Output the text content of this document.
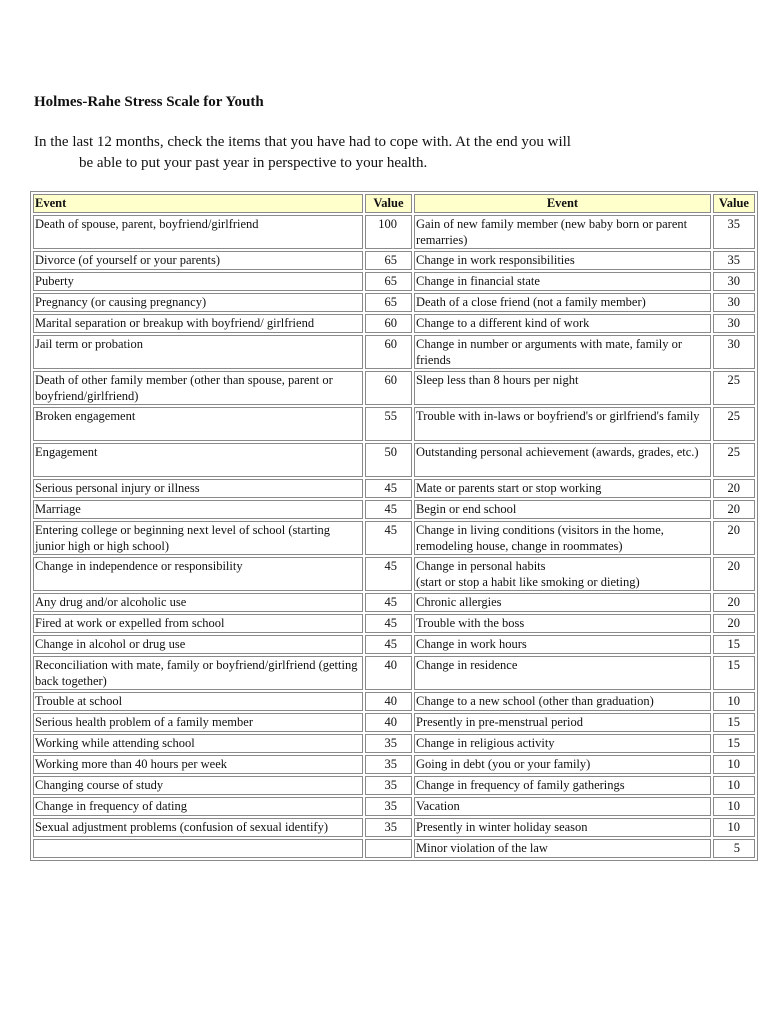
Holmes-Rahe Stress Scale for Youth

In the last 12 months, check the items that you have had to cope with. At the end you will
be able to put your past year in perspective to your health.

Event	Value	Event	Value
Death of spouse, parent, boyfriend/girlfriend	100	Gain of new family member (new baby born or parent remarries)	35
Divorce (of yourself or your parents)	65	Change in work responsibilities	35
Puberty	65	Change in financial state	30
Pregnancy (or causing pregnancy)	65	Death of a close friend (not a family member)	30
Marital separation or breakup with boyfriend/ girlfriend	60	Change to a different kind of work	30
Jail term or probation	60	Change in number or arguments with mate, family or friends	30
Death of other family member (other than spouse, parent or boyfriend/girlfriend)	60	Sleep less than 8 hours per night	25
Broken engagement	55	Trouble with in-laws or boyfriend's or girlfriend's family	25
Engagement	50	Outstanding personal achievement (awards, grades, etc.)	25
Serious personal injury or illness	45	Mate or parents start or stop working	20
Marriage	45	Begin or end school	20
Entering college or beginning next level of school (starting junior high or high school)	45	Change in living conditions (visitors in the home, remodeling house, change in roommates)	20
Change in independence or responsibility	45	Change in personal habits
(start or stop a habit like smoking or dieting)	20
Any drug and/or alcoholic use	45	Chronic allergies	20
Fired at work or expelled from school	45	Trouble with the boss	20
Change in alcohol or drug use	45	Change in work hours	15
Reconciliation with mate, family or boyfriend/girlfriend (getting back together)	40	Change in residence	15
Trouble at school	40	Change to a new school (other than graduation)	10
Serious health problem of a family member	40	Presently in pre-menstrual period	15
Working while attending school	35	Change in religious activity	15
Working more than 40 hours per week	35	Going in debt (you or your family)	10
Changing course of study	35	Change in frequency of family gatherings	10
Change in frequency of dating	35	Vacation	10
Sexual adjustment problems (confusion of sexual identify)	35	Presently in winter holiday season	10
		Minor violation of the law	5
